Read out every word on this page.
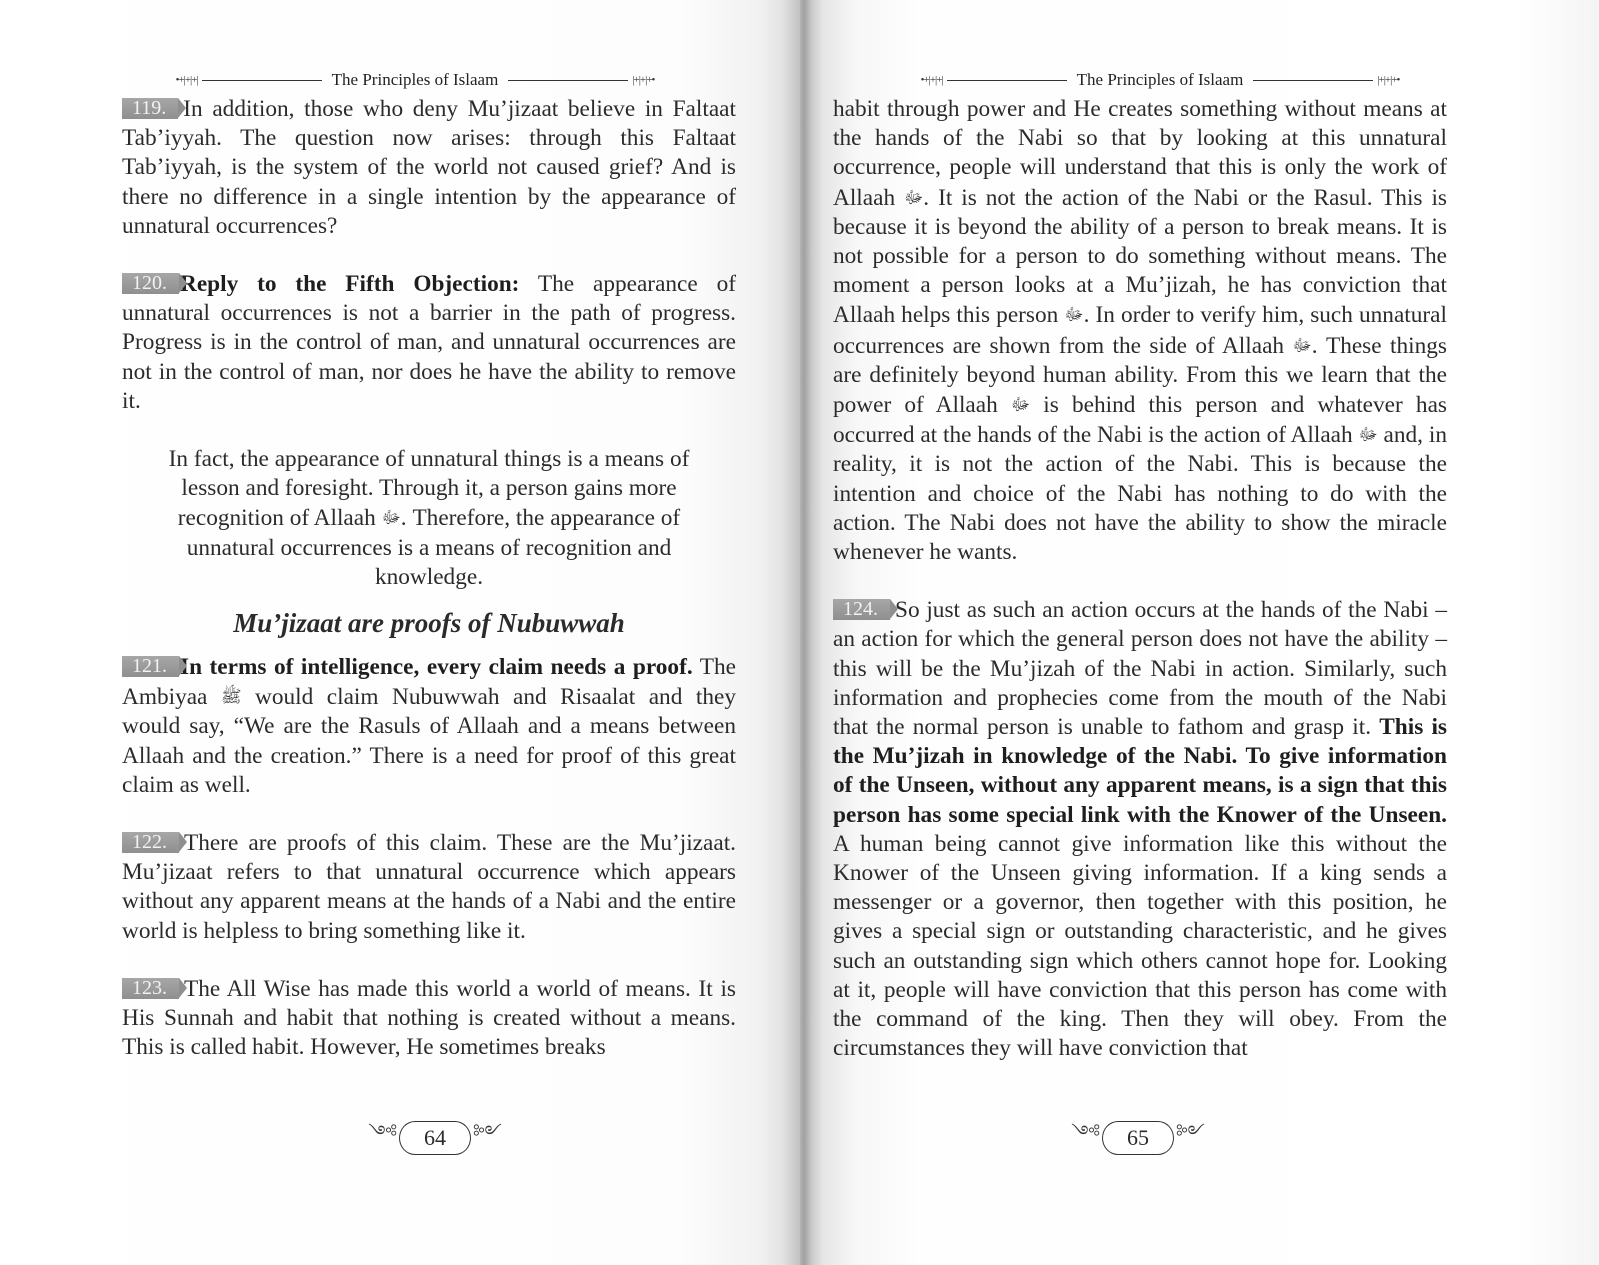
•+|+|+|	The Principles of Islaam	|+|+|+•

119. In addition, those who deny Mu’jizaat believe in Faltaat Tab’iyyah. The question now arises: through this Faltaat Tab’iyyah, is the system of the world not caused grief? And is there no difference in a single intention by the appearance of unnatural occurrences?

120. Reply to the Fifth Objection: The appearance of unnatural occurrences is not a barrier in the path of progress. Progress is in the control of man, and unnatural occurrences are not in the control of man, nor does he have the ability to remove it.

In fact, the appearance of unnatural things is a means of lesson and foresight. Through it, a person gains more recognition of Allaah ﷻ. Therefore, the appearance of unnatural occurrences is a means of recognition and knowledge.

Mu’jizaat are proofs of Nubuwwah

121. In terms of intelligence, every claim needs a proof. The Ambiyaa ﷺ would claim Nubuwwah and Risaalat and they would say, “We are the Rasuls of Allaah and a means between Allaah and the creation.” There is a need for proof of this great claim as well.

122. There are proofs of this claim. These are the Mu’jizaat. Mu’jizaat refers to that unnatural occurrence which appears without any apparent means at the hands of a Nabi and the entire world is helpless to bring something like it.

123. The All Wise has made this world a world of means. It is His Sunnah and habit that nothing is created without a means. This is called habit. However, He sometimes breaks

༺	64	༻
•+|+|+|	The Principles of Islaam	|+|+|+•

habit through power and He creates something without means at the hands of the Nabi so that by looking at this unnatural occurrence, people will understand that this is only the work of Allaah ﷻ. It is not the action of the Nabi or the Rasul. This is because it is beyond the ability of a person to break means. It is not possible for a person to do something without means. The moment a person looks at a Mu’jizah, he has conviction that Allaah helps this person ﷻ. In order to verify him, such unnatural occurrences are shown from the side of Allaah ﷻ. These things are definitely beyond human ability. From this we learn that the power of Allaah ﷻ is behind this person and whatever has occurred at the hands of the Nabi is the action of Allaah ﷻ and, in reality, it is not the action of the Nabi. This is because the intention and choice of the Nabi has nothing to do with the action. The Nabi does not have the ability to show the miracle whenever he wants.

124. So just as such an action occurs at the hands of the Nabi – an action for which the general person does not have the ability – this will be the Mu’jizah of the Nabi in action. Similarly, such information and prophecies come from the mouth of the Nabi that the normal person is unable to fathom and grasp it. This is the Mu’jizah in knowledge of the Nabi. To give information of the Unseen, without any apparent means, is a sign that this person has some special link with the Knower of the Unseen. A human being cannot give information like this without the Knower of the Unseen giving information. If a king sends a messenger or a governor, then together with this position, he gives a special sign or outstanding characteristic, and he gives such an outstanding sign which others cannot hope for. Looking at it, people will have conviction that this person has come with the command of the king. Then they will obey. From the circumstances they will have conviction that

༺	65	༻
